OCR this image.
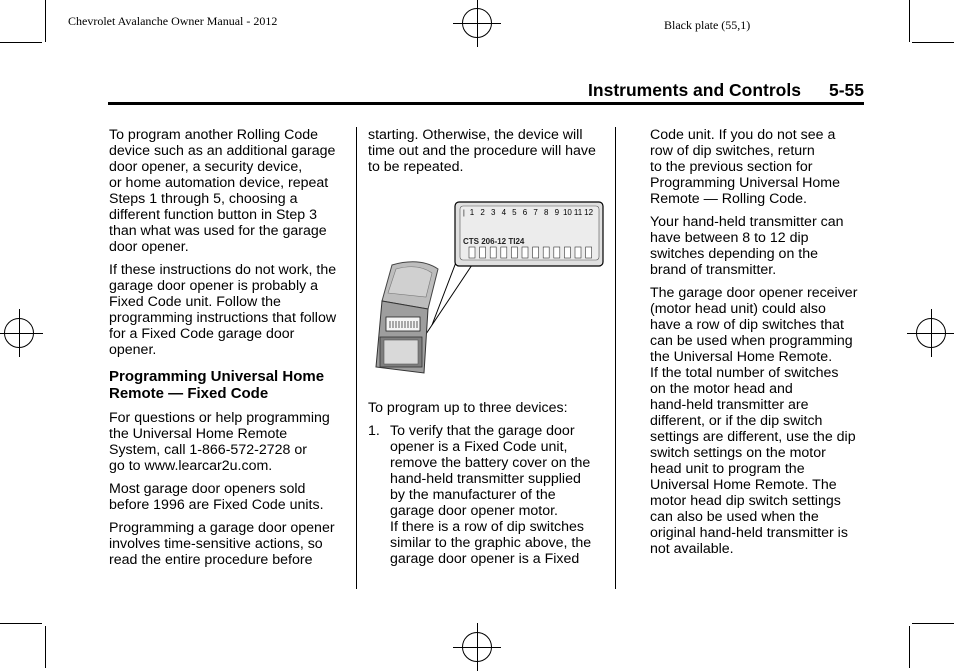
Chevrolet Avalanche Owner Manual - 2012	Black plate (55,1)
Instruments and Controls 5-55

To program another Rolling Code
device such as an additional garage
door opener, a security device,
or home automation device, repeat
Steps 1 through 5, choosing a
different function button in Step 3
than what was used for the garage
door opener.

If these instructions do not work, the
garage door opener is probably a
Fixed Code unit. Follow the
programming instructions that follow
for a Fixed Code garage door
opener.

Programming Universal Home
Remote — Fixed Code

For questions or help programming
the Universal Home Remote
System, call 1-866-572-2728 or
go to www.learcar2u.com.

Most garage door openers sold
before 1996 are Fixed Code units.

Programming a garage door opener
involves time-sensitive actions, so
read the entire procedure before

starting. Otherwise, the device will
time out and the procedure will have
to be repeated.

To program up to three devices:

1. To verify that the garage door
opener is a Fixed Code unit,
remove the battery cover on the
hand-held transmitter supplied
by the manufacturer of the
garage door opener motor.
If there is a row of dip switches
similar to the graphic above, the
garage door opener is a Fixed
1 2 3 4 5 6 7 8 9 10 11 12
|
CTS 206-12 TI24

Code unit. If you do not see a
row of dip switches, return
to the previous section for
Programming Universal Home
Remote — Rolling Code.

Your hand-held transmitter can
have between 8 to 12 dip
switches depending on the
brand of transmitter.

The garage door opener receiver
(motor head unit) could also
have a row of dip switches that
can be used when programming
the Universal Home Remote.
If the total number of switches
on the motor head and
hand-held transmitter are
different, or if the dip switch
settings are different, use the dip
switch settings on the motor
head unit to program the
Universal Home Remote. The
motor head dip switch settings
can also be used when the
original hand-held transmitter is
not available.
